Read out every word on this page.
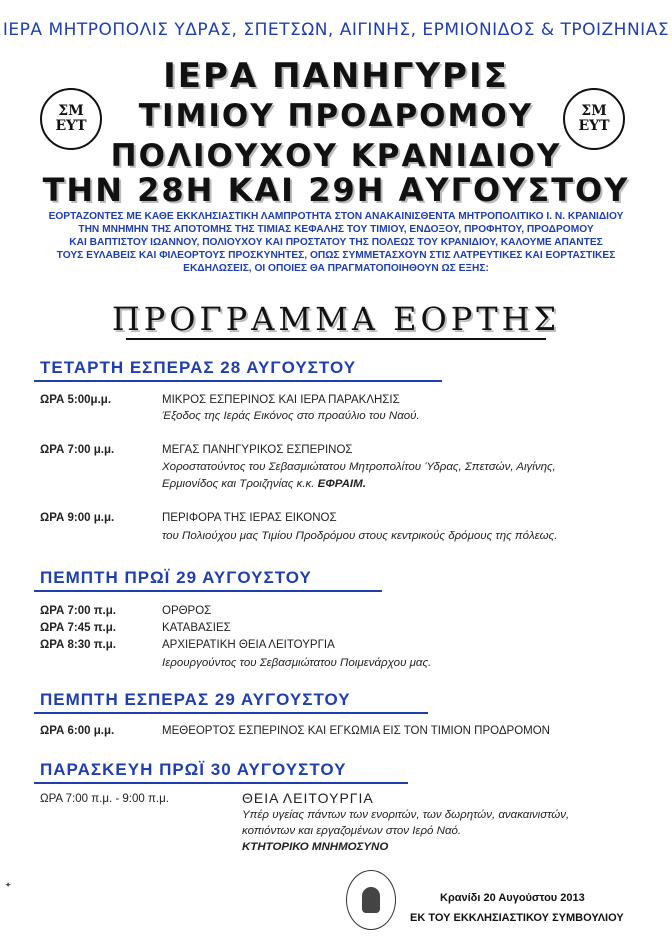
ΙΕΡΑ ΜΗΤΡΟΠΟΛΙΣ ΥΔΡΑΣ, ΣΠΕΤΣΩΝ, ΑΙΓΙΝΗΣ, ΕΡΜΙΟΝΙΔΟΣ & ΤΡΟΙΖΗΝΙΑΣ
ΣΜ
ΕΥΤ
ΣΜ
ΕΥΤ
ΙΕΡΑ ΠΑΝΗΓΥΡΙΣ
ΤΙΜΙΟΥ ΠΡΟΔΡΟΜΟΥ
ΠΟΛΙΟΥΧΟΥ ΚΡΑΝΙΔΙΟΥ
ΤΗΝ 28Η ΚΑΙ 29Η ΑΥΓΟΥΣΤΟΥ
ΕΟΡΤΑΖΟΝΤΕΣ ΜΕ ΚΑΘΕ ΕΚΚΛΗΣΙΑΣΤΙΚΗ ΛΑΜΠΡΟΤΗΤΑ ΣΤΟΝ ΑΝΑΚΑΙΝΙΣΘΕΝΤΑ ΜΗΤΡΟΠΟΛΙΤΙΚΟ Ι. Ν. ΚΡΑΝΙΔΙΟΥ
ΤΗΝ ΜΝΗΜΗΝ ΤΗΣ ΑΠΟΤΟΜΗΣ ΤΗΣ ΤΙΜΙΑΣ ΚΕΦΑΛΗΣ ΤΟΥ ΤΙΜΙΟΥ, ΕΝΔΟΞΟΥ, ΠΡΟΦΗΤΟΥ, ΠΡΟΔΡΟΜΟΥ
ΚΑΙ ΒΑΠΤΙΣΤΟΥ ΙΩΑΝΝΟΥ, ΠΟΛΙΟΥΧΟΥ ΚΑΙ ΠΡΟΣΤΑΤΟΥ ΤΗΣ ΠΟΛΕΩΣ ΤΟΥ ΚΡΑΝΙΔΙΟΥ, ΚΑΛΟΥΜΕ ΑΠΑΝΤΕΣ
ΤΟΥΣ ΕΥΛΑΒΕΙΣ ΚΑΙ ΦΙΛΕΟΡΤΟΥΣ ΠΡΟΣΚΥΝΗΤΕΣ, ΟΠΩΣ ΣΥΜΜΕΤΑΣΧΟΥΝ ΣΤΙΣ ΛΑΤΡΕΥΤΙΚΕΣ ΚΑΙ ΕΟΡΤΑΣΤΙΚΕΣ
ΕΚΔΗΛΩΣΕΙΣ, ΟΙ ΟΠΟΙΕΣ ΘΑ ΠΡΑΓΜΑΤΟΠΟΙΗΘΟΥΝ ΩΣ ΕΞΗΣ:
ΠΡΟΓΡΑΜΜΑ ΕΟΡΤΗΣ
ΤΕΤΑΡΤΗ ΕΣΠΕΡΑΣ 28 ΑΥΓΟΥΣΤΟΥ
ΩΡΑ 5:00μ.μ.	ΜΙΚΡΟΣ ΕΣΠΕΡΙΝΟΣ ΚΑΙ ΙΕΡΑ ΠΑΡΑΚΛΗΣΙΣ
Έξοδος της Ιεράς Εικόνος στο προαύλιο του Ναού.
ΩΡΑ 7:00 μ.μ.	ΜΕΓΑΣ ΠΑΝΗΓΥΡΙΚΟΣ ΕΣΠΕΡΙΝΟΣ
Χοροστατούντος του Σεβασμιώτατου Μητροπολίτου Ύδρας, Σπετσών, Αιγίνης,
Ερμιονίδος και Τροιζηνίας κ.κ. ΕΦΡΑΙΜ.
ΩΡΑ 9:00 μ.μ.	ΠΕΡΙΦΟΡΑ ΤΗΣ ΙΕΡΑΣ ΕΙΚΟΝΟΣ
του Πολιούχου μας Τιμίου Προδρόμου στους κεντρικούς δρόμους της πόλεως.
ΠΕΜΠΤΗ ΠΡΩΪ 29 ΑΥΓΟΥΣΤΟΥ
ΩΡΑ 7:00 π.μ.	ΟΡΘΡΟΣ
ΩΡΑ 7:45 π.μ.	ΚΑΤΑΒΑΣΙΕΣ
ΩΡΑ 8:30 π.μ.	ΑΡΧΙΕΡΑΤΙΚΗ ΘΕΙΑ ΛΕΙΤΟΥΡΓΙΑ
Ιερουργούντος του Σεβασμιώτατου Ποιμενάρχου μας.
ΠΕΜΠΤΗ ΕΣΠΕΡΑΣ 29 ΑΥΓΟΥΣΤΟΥ
ΩΡΑ 6:00 μ.μ.	ΜΕΘΕΟΡΤΟΣ ΕΣΠΕΡΙΝΟΣ ΚΑΙ ΕΓΚΩΜΙΑ ΕΙΣ ΤΟΝ ΤΙΜΙΟΝ ΠΡΟΔΡΟΜΟΝ
ΠΑΡΑΣΚΕΥΗ ΠΡΩΪ 30 ΑΥΓΟΥΣΤΟΥ
ΩΡΑ 7:00 π.μ. - 9:00 π.μ.	ΘΕΙΑ ΛΕΙΤΟΥΡΓΙΑ
Υπέρ υγείας πάντων των ενοριτών, των δωρητών, ανακαινιστών,
κοπιόντων και εργαζομένων στον Ιερό Ναό.
ΚΤΗΤΟΡΙΚΟ ΜΝΗΜΟΣΥΝΟ
✦
Κρανίδι 20 Αυγούστου 2013
ΕΚ ΤΟΥ ΕΚΚΛΗΣΙΑΣΤΙΚΟΥ ΣΥΜΒΟΥΛΙΟΥ
